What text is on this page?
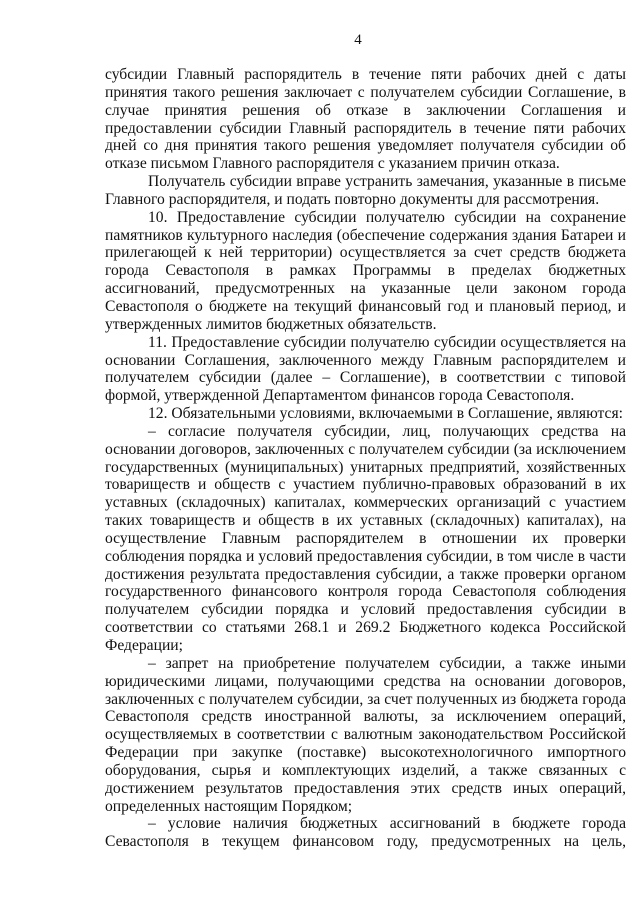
4

субсидии Главный распорядитель в течение пяти рабочих дней с даты принятия такого решения заключает с получателем субсидии Соглашение, в случае принятия решения об отказе в заключении Соглашения и предоставлении субсидии Главный распорядитель в течение пяти рабочих дней со дня принятия такого решения уведомляет получателя субсидии об отказе письмом Главного распорядителя с указанием причин отказа.

Получатель субсидии вправе устранить замечания, указанные в письме Главного распорядителя, и подать повторно документы для рассмотрения.

10. Предоставление субсидии получателю субсидии на сохранение памятников культурного наследия (обеспечение содержания здания Батареи и прилегающей к ней территории) осуществляется за счет средств бюджета города Севастополя в рамках Программы в пределах бюджетных ассигнований, предусмотренных на указанные цели законом города Севастополя о бюджете на текущий финансовый год и плановый период, и утвержденных лимитов бюджетных обязательств.

11. Предоставление субсидии получателю субсидии осуществляется на основании Соглашения, заключенного между Главным распорядителем и получателем субсидии (далее – Соглашение), в соответствии с типовой формой, утвержденной Департаментом финансов города Севастополя.

12. Обязательными условиями, включаемыми в Соглашение, являются:

– согласие получателя субсидии, лиц, получающих средства на основании договоров, заключенных с получателем субсидии (за исключением государственных (муниципальных) унитарных предприятий, хозяйственных товариществ и обществ с участием публично-правовых образований в их уставных (складочных) капиталах, коммерческих организаций с участием таких товариществ и обществ в их уставных (складочных) капиталах), на осуществление Главным распорядителем в отношении их проверки соблюдения порядка и условий предоставления субсидии, в том числе в части достижения результата предоставления субсидии, а также проверки органом государственного финансового контроля города Севастополя соблюдения получателем субсидии порядка и условий предоставления субсидии в соответствии со статьями 268.1 и 269.2 Бюджетного кодекса Российской Федерации;

– запрет на приобретение получателем субсидии, а также иными юридическими лицами, получающими средства на основании договоров, заключенных с получателем субсидии, за счет полученных из бюджета города Севастополя средств иностранной валюты, за исключением операций, осуществляемых в соответствии с валютным законодательством Российской Федерации при закупке (поставке) высокотехнологичного импортного оборудования, сырья и комплектующих изделий, а также связанных с достижением результатов предоставления этих средств иных операций, определенных настоящим Порядком;

– условие наличия бюджетных ассигнований в бюджете города Севастополя в текущем финансовом году, предусмотренных на цель,
